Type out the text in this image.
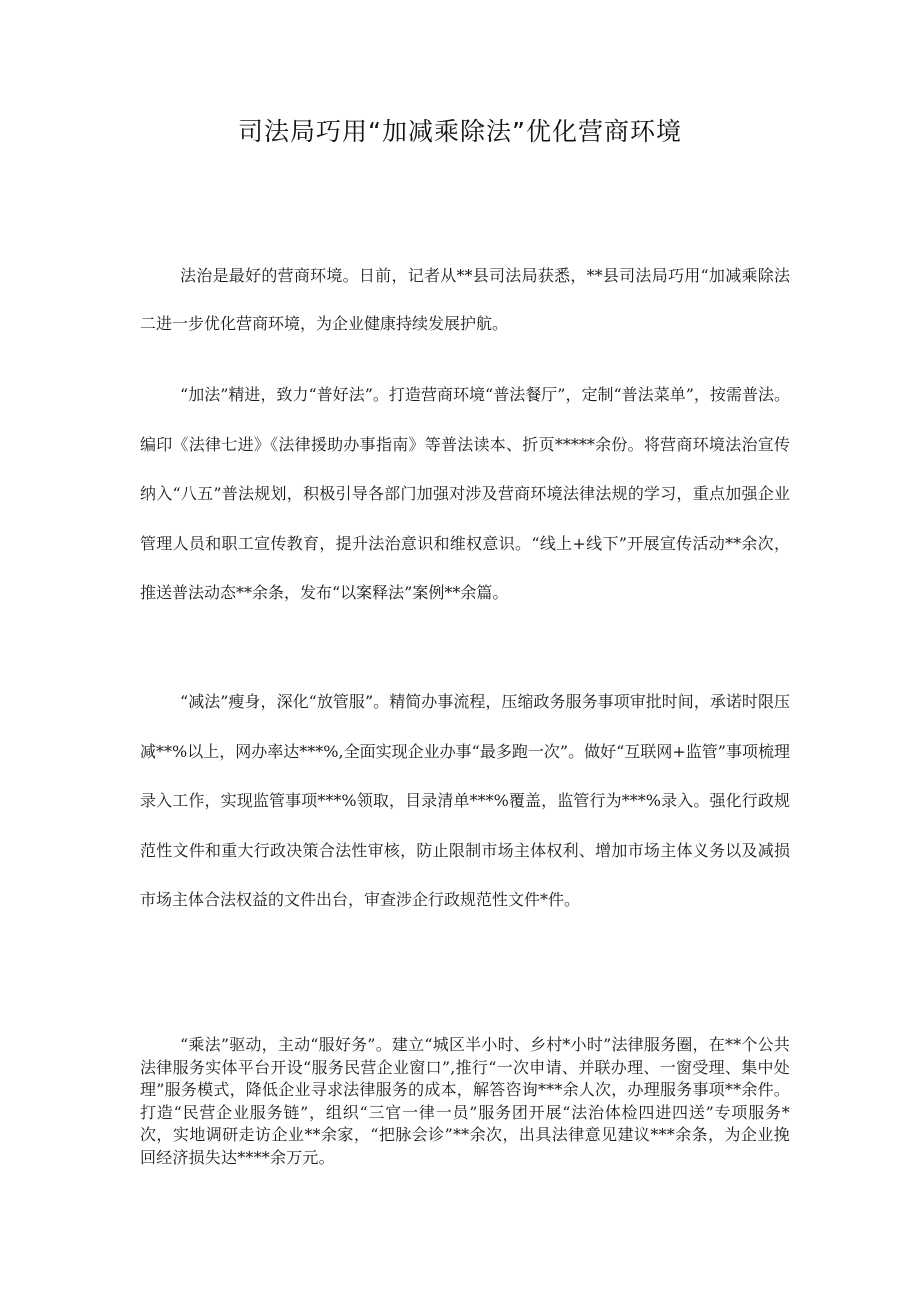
司法局巧用“加减乘除法”优化营商环境

法治是最好的营商环境。日前，记者从**县司法局获悉，**县司法局巧用“加减乘除法二进一步优化营商环境，为企业健康持续发展护航。

“加法”精进，致力“普好法”。打造营商环境“普法餐厅”，定制“普法菜单”，按需普法。编印《法律七进》《法律援助办事指南》等普法读本、折页*****余份。将营商环境法治宣传纳入“八五”普法规划，积极引导各部门加强对涉及营商环境法律法规的学习，重点加强企业管理人员和职工宣传教育，提升法治意识和维权意识。“线上+线下”开展宣传活动**余次，推送普法动态**余条，发布“以案释法”案例**余篇。

“减法”瘦身，深化“放管服”。精简办事流程，压缩政务服务事项审批时间，承诺时限压减**%以上，网办率达***%,全面实现企业办事“最多跑一次”。做好“互联网+监管”事项梳理录入工作，实现监管事项***%领取，目录清单***%覆盖，监管行为***%录入。强化行政规范性文件和重大行政决策合法性审核，防止限制市场主体权利、增加市场主体义务以及减损市场主体合法权益的文件出台，审查涉企行政规范性文件*件。

“乘法”驱动，主动“服好务”。建立“城区半小时、乡村*小时”法律服务圈，在**个公共法律服务实体平台开设“服务民营企业窗口”,推行“一次申请、并联办理、一窗受理、集中处理”服务模式，降低企业寻求法律服务的成本，解答咨询***余人次，办理服务事项**余件。打造“民营企业服务链”，组织“三官一律一员”服务团开展“法治体检四进四送”专项服务*次，实地调研走访企业**余家，“把脉会诊”**余次，出具法律意见建议***余条，为企业挽回经济损失达****余万元。
